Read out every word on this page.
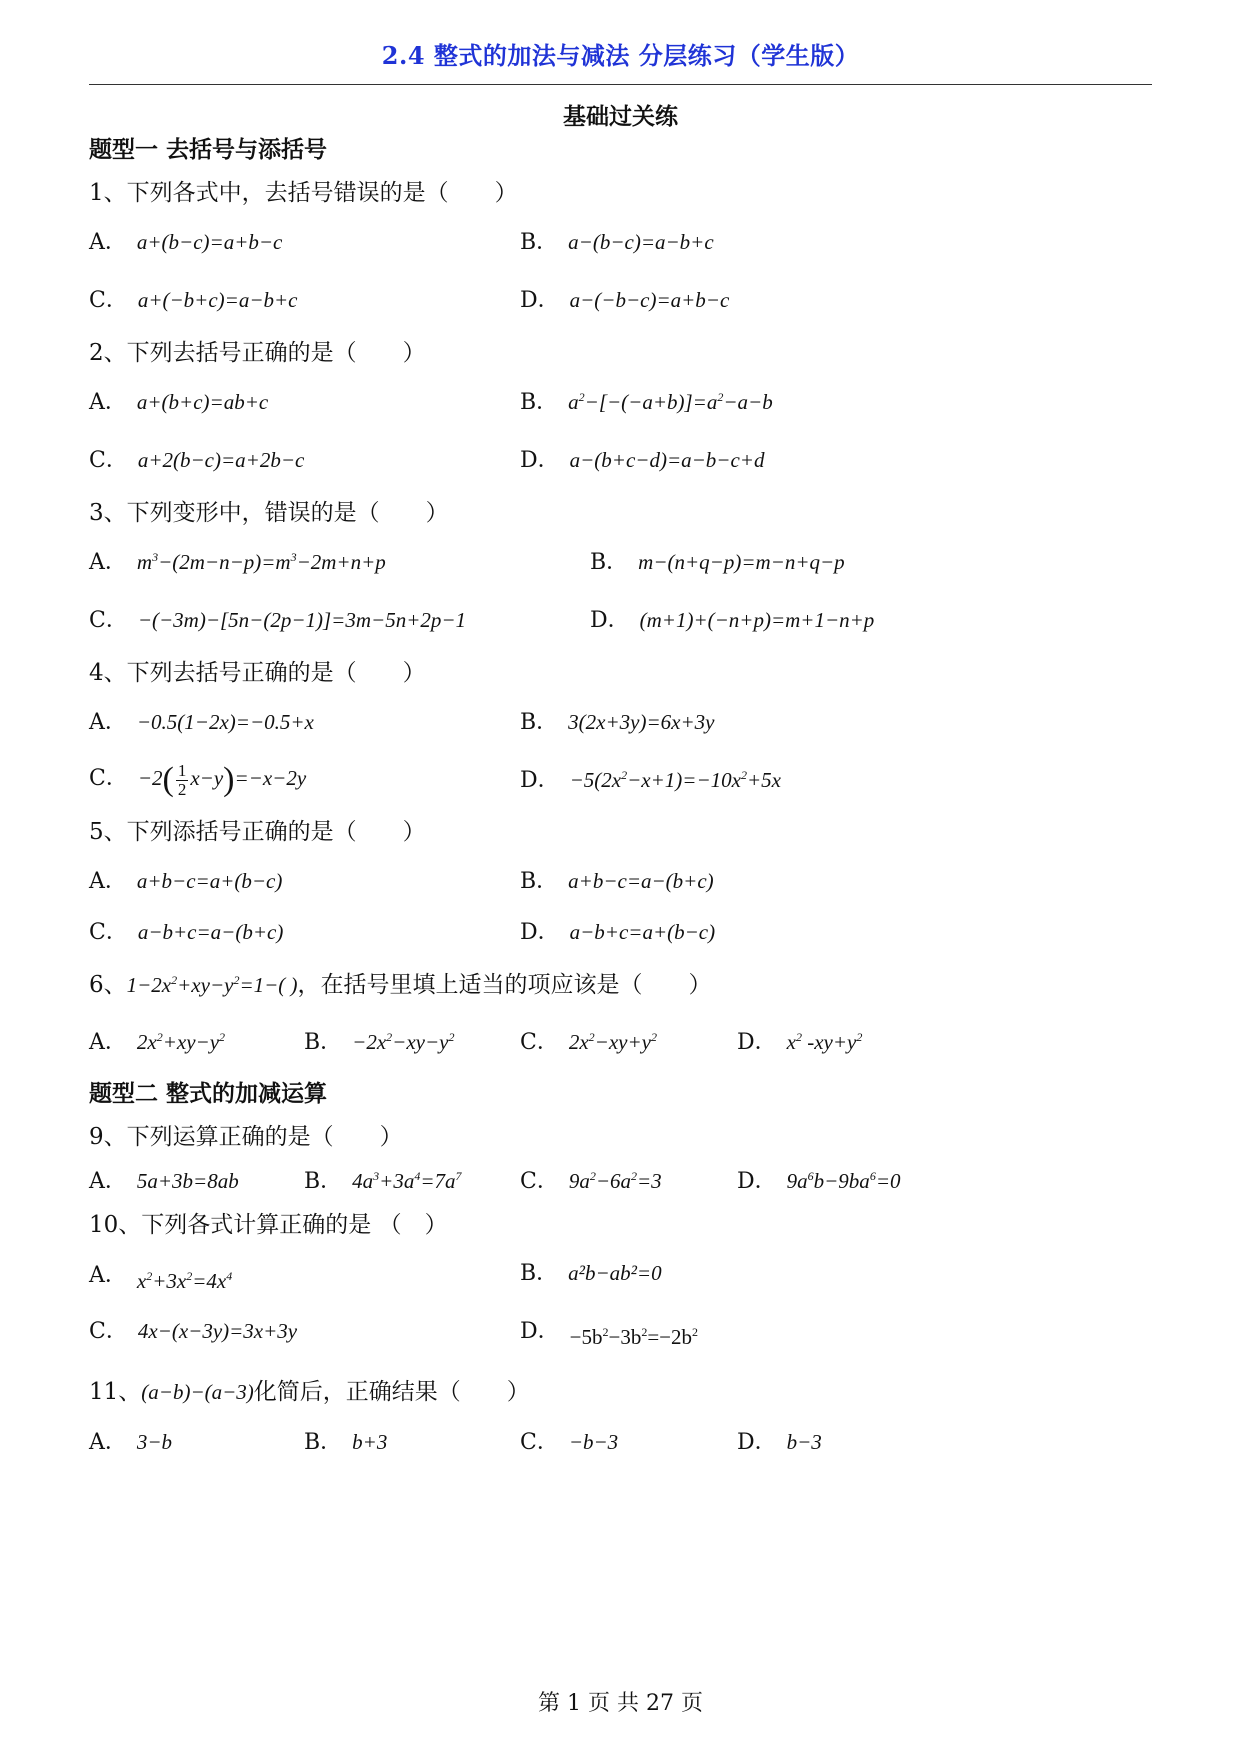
2.4 整式的加法与减法 分层练习（学生版）
基础过关练
题型一 去括号与添括号
1、下列各式中，去括号错误的是（　　）
A． a+(b−c)=a+b−c	B． a−(b−c)=a−b+c
C． a+(−b+c)=a−b+c	D． a−(−b−c)=a+b−c
2、下列去括号正确的是（　　）
A． a+(b+c)=ab+c	B． $a^2-[-(-a+b)]=a^2-a-b$
C． a+2(b−c)=a+2b−c	D． a−(b+c−d)=a−b−c+d
3、下列变形中，错误的是（　　）
A． $m^3-(2m-n-p)=m^3-2m+n+p$	B． m−(n+q−p)=m−n+q−p
C． −(−3m)−[5n−(2p−1)]=3m−5n+2p−1	D． (m+1)+(−n+p)=m+1−n+p
4、下列去括号正确的是（　　）
A． −0.5(1−2x)=−0.5+x	B． 3(2x+3y)=6x+3y
C． $-2( \frac{1}{2} x-y)=-x-2y$	D． $-5(2x^2-x+1)=-10x^2+5x$
5、下列添括号正确的是（　　）
A． a+b−c=a+(b−c)	B． a+b−c=a−(b+c)
C． a−b+c=a−(b+c)	D． a−b+c=a+(b−c)
6、$1-2x^2+xy-y^2=1-$( )，在括号里填上适当的项应该是（　　）
A． $2x^2+xy-y^2$	B． $-2x^2-xy-y^2$	C． $2x^2-xy+y^2$	D． $x^2$ $-xy+y^2$
题型二 整式的加减运算
9、下列运算正确的是（　　）
A． 5a+3b=8ab	B． $4a^3+3a^4=7a^7$	C． $9a^2-6a^2=3$	D． $9a^6b-9ba^6=0$
10、下列各式计算正确的是 （　）
A． $x^2+3x^2=4x^4$	B． a²b−ab²=0
C． 4x−(x−3y)=3x+3y	D． $-5b^2-3b^2=-2b^2$
11、(a−b)−(a−3)化简后，正确结果（　　）
A． 3−b	B． b+3	C． −b−3	D． b−3
第 1 页 共 27 页
